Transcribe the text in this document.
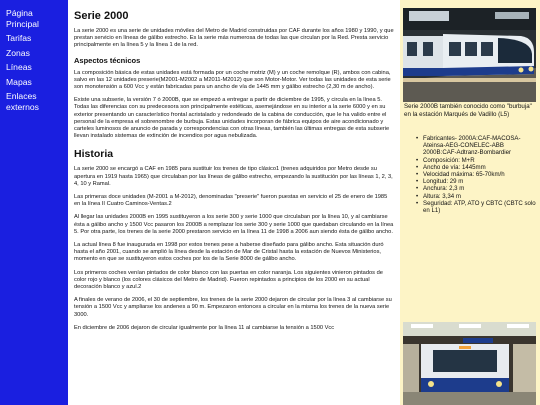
Página Principal
Tarifas
Zonas
Líneas
Mapas
Enlaces externos
Serie 2000

La serie 2000 es una serie de unidades móviles del Metro de Madrid construidas por CAF durante los años 1980 y 1990, y que prestan servicio en líneas de gálibo estrecho. Es la serie más numerosa de todas las que circulan por la Red. Presta servicio principalmente en la línea 5 y la línea 1 de la red.

Aspectos técnicos

La composición básica de estas unidades está formada por un coche motriz (M) y un coche remolque (R), ambos con cabina, salvo en las 12 unidades preserie(M2001-M2002 a M2011-M2012) que son Motor-Motor. Ver todas las unidades de esta serie son monotensión a 600 Vcc y están fabricadas para un ancho de vía de 1445 mm y gálibo estrecho (2,30 m de ancho).

Existe una subserie, la versión 7 ó 2000B, que se empezó a entregar a partir de diciembre de 1995, y circula en la línea 5. Todas las diferencias con su predecesora son principalmente estéticas, asemejándose en su interior a la serie 6000 y en su exterior presentando un característico frontal acristalado y redondeado de la cabina de conducción, que le ha valido entre el personal de la empresa el sobrenombre de burbuja. Estas unidades incorporan de fábrica equipos de aire acondicionado y carteles luminosos de anuncio de parada y correspondencias con otras líneas, también las últimas entregas de esta subserie llevan instalado sistemas de extinción de incendios por agua nebulizada.

Historia

La serie 2000 se encargó a CAF en 1985 para sustituir los trenes de tipo clásico1 (trenes adquiridos por Metro desde su apertura en 1919 hasta 1965) que circulaban por las líneas de gálibo estrecho, empezando la sustitución por las líneas 1, 2, 3, 4, 10 y Ramal.

Las primeras doce unidades (M-2001 a M-2012), denominadas "preserie" fueron puestas en servicio el 25 de enero de 1985 en la línea II Cuatro Caminos-Ventas.2

Al llegar las unidades 2000B en 1995 sustituyeron a los serie 300 y serie 1000 que circulaban por la línea 10, y al cambiarse ésta a gálibo ancho y 1500 Vcc pasaron los 2000B a remplazar los serie 300 y serie 1000 que quedaban circulando en la línea 5. Por otra parte, los trenes de la serie 2000 prestaron servicio en la línea 11 de 1998 a 2006 aun siendo ésta de gálibo ancho.

La actual línea 8 fue inaugurada en 1998 por estos trenes pese a haberse diseñado para gálibo ancho. Esta situación duró hasta el año 2001, cuando se amplió la línea desde la estación de Mar de Cristal hasta la estación de Nuevos Ministerios, momento en que se sustituyeron estos coches por los de la Serie 8000 de gálibo ancho.

Los primeros coches venían pintados de color blanco con las puertas en color naranja. Los siguientes vinieron pintados de color rojo y blanco (los colores clásicos del Metro de Madrid). Fueron repintados a principios de los 2000 en su actual decoración blanco y azul.2

A finales de verano de 2006, el 30 de septiembre, los trenes de la serie 2000 dejaron de circular por la línea 3 al cambiarse su tensión a 1500 Vcc y ampliarse los andenes a 90 m. Empezaron entonces a circular en la misma los trenes de la nueva serie 3000.

En diciembre de 2006 dejaron de circular igualmente por la línea 11 al cambiarse la tensión a 1500 Vcc

Serie 2000B también conocido como "burbuja" en la estación Marqués de Vadillo (L5)
• Fabricantes- 2000A:CAF-MACOSA-Ateinsa-AEG-CONELEC-ABB 2000B:CAF-Adtranz-Bombardier
• Composición: M+R
• Ancho de vía: 1445mm
• Velocidad máxima: 65-70km/h
• Longitud: 29 m
• Anchura: 2,3 m
• Altura: 3,34 m
• Seguridad: ATP, ATO y CBTC (CBTC solo en L1)
